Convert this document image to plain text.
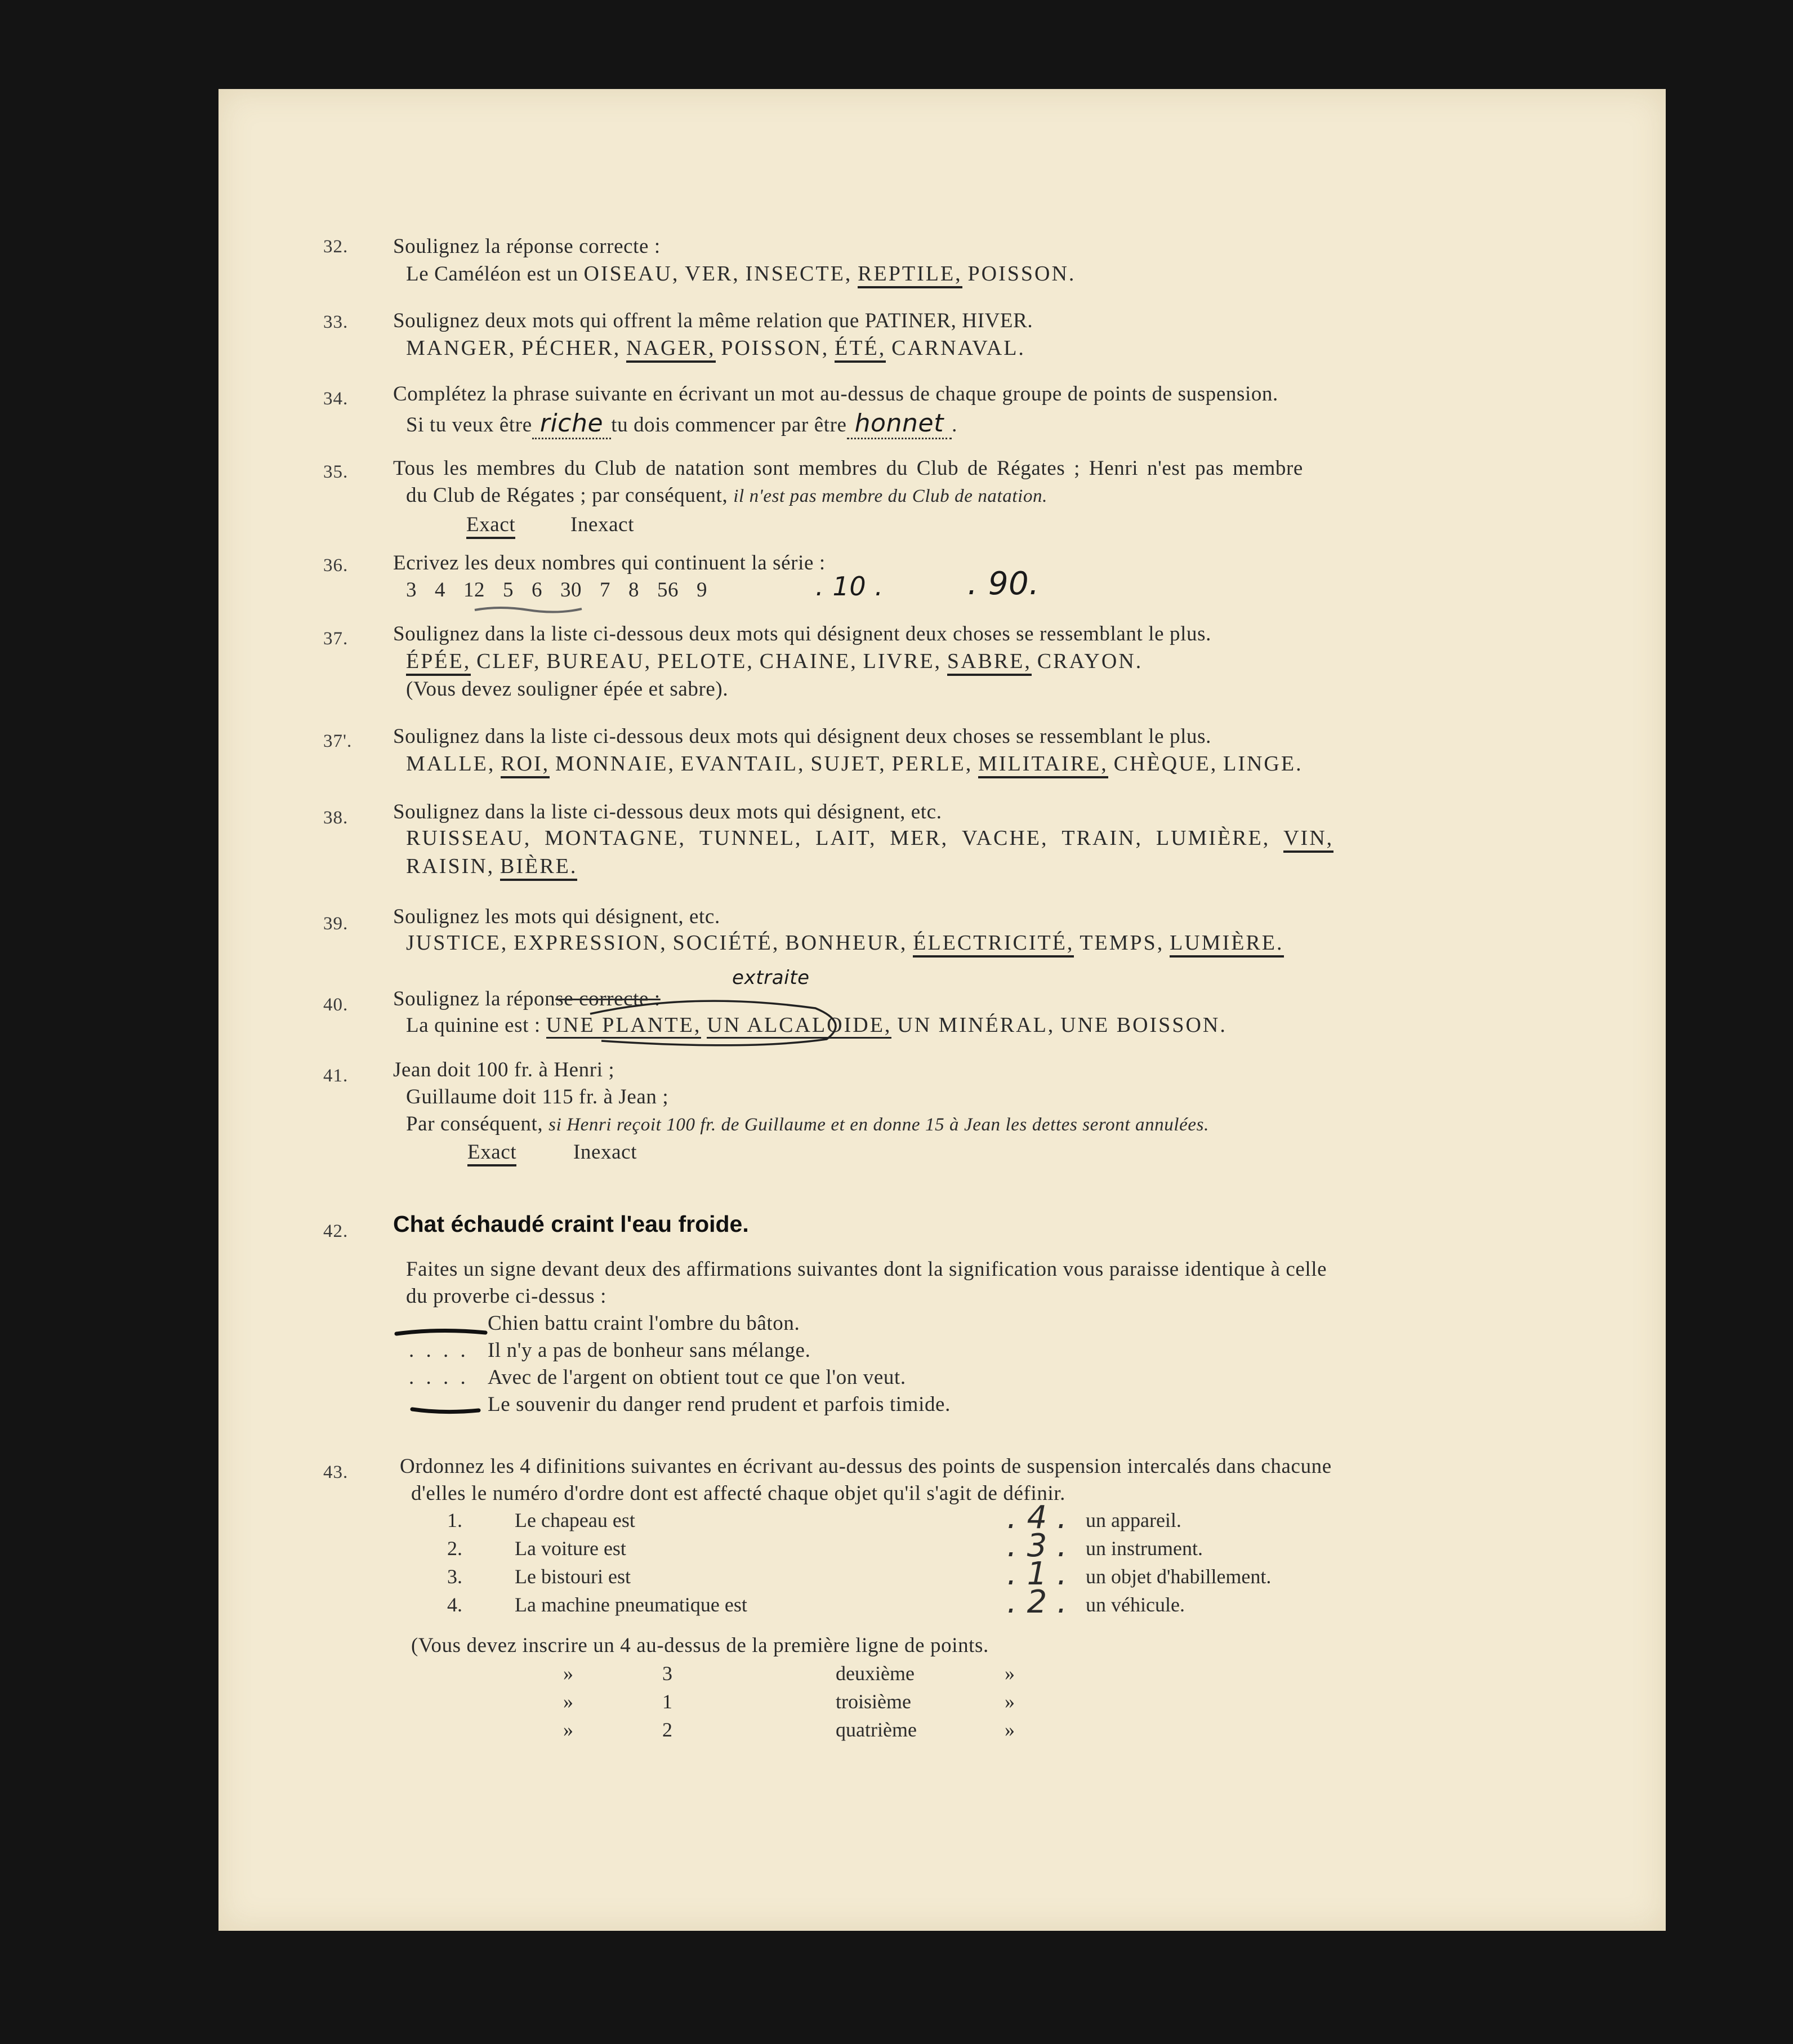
32. Soulignez la réponse correcte :
Le Caméléon est un OISEAU, VER, INSECTE, REPTILE, POISSON.
33. Soulignez deux mots qui offrent la même relation que PATINER, HIVER.
MANGER, PÉCHER, NAGER, POISSON, ÉTÉ, CARNAVAL.
34. Complétez la phrase suivante en écrivant un mot au-dessus de chaque groupe de points de suspension.
Si tu veux être riche tu dois commencer par être honnet .
35. Tous les membres du Club de natation sont membres du Club de Régates ; Henri n'est pas membre
du Club de Régates ; par conséquent, il n'est pas membre du Club de natation.
Exact	Inexact
36. Ecrivez les deux nombres qui continuent la série :
3 4 12 5 6 30 7 8 56 9	. 10 .	. 90.
37. Soulignez dans la liste ci-dessous deux mots qui désignent deux choses se ressemblant le plus.
ÉPÉE, CLEF, BUREAU, PELOTE, CHAINE, LIVRE, SABRE, CRAYON.
(Vous devez souligner épée et sabre).
37'. Soulignez dans la liste ci-dessous deux mots qui désignent deux choses se ressemblant le plus.
MALLE, ROI, MONNAIE, EVANTAIL, SUJET, PERLE, MILITAIRE, CHÈQUE, LINGE.
38. Soulignez dans la liste ci-dessous deux mots qui désignent, etc.
RUISSEAU, MONTAGNE, TUNNEL, LAIT, MER, VACHE, TRAIN, LUMIÈRE, VIN,
RAISIN, BIÈRE.
39. Soulignez les mots qui désignent, etc.
JUSTICE, EXPRESSION, SOCIÉTÉ, BONHEUR, ÉLECTRICITÉ, TEMPS, LUMIÈRE.
40. Soulignez la réponse correcte :
extraite
La quinine est : UNE PLANTE, UN ALCALOIDE, UN MINÉRAL, UNE BOISSON.
41. Jean doit 100 fr. à Henri ;
Guillaume doit 115 fr. à Jean ;
Par conséquent, si Henri reçoit 100 fr. de Guillaume et en donne 15 à Jean les dettes seront annulées.
Exact	Inexact
42. Chat échaudé craint l'eau froide.
Faites un signe devant deux des affirmations suivantes dont la signification vous paraisse identique à celle
du proverbe ci-dessus :
Chien battu craint l'ombre du bâton.
. . . . Il n'y a pas de bonheur sans mélange.
. . . . Avec de l'argent on obtient tout ce que l'on veut.
Le souvenir du danger rend prudent et parfois timide.
43. Ordonnez les 4 difinitions suivantes en écrivant au-dessus des points de suspension intercalés dans chacune
d'elles le numéro d'ordre dont est affecté chaque objet qu'il s'agit de définir.
1.	Le chapeau est	. 4 . un appareil.
2.	La voiture est	. 3 . un instrument.
3.	Le bistouri est	. 1 . un objet d'habillement.
4.	La machine pneumatique est	. 2 . un véhicule.
(Vous devez inscrire un 4 au-dessus de la première ligne de points.
»	3	deuxième	»
»	1	troisième	»
»	2	quatrième	»
